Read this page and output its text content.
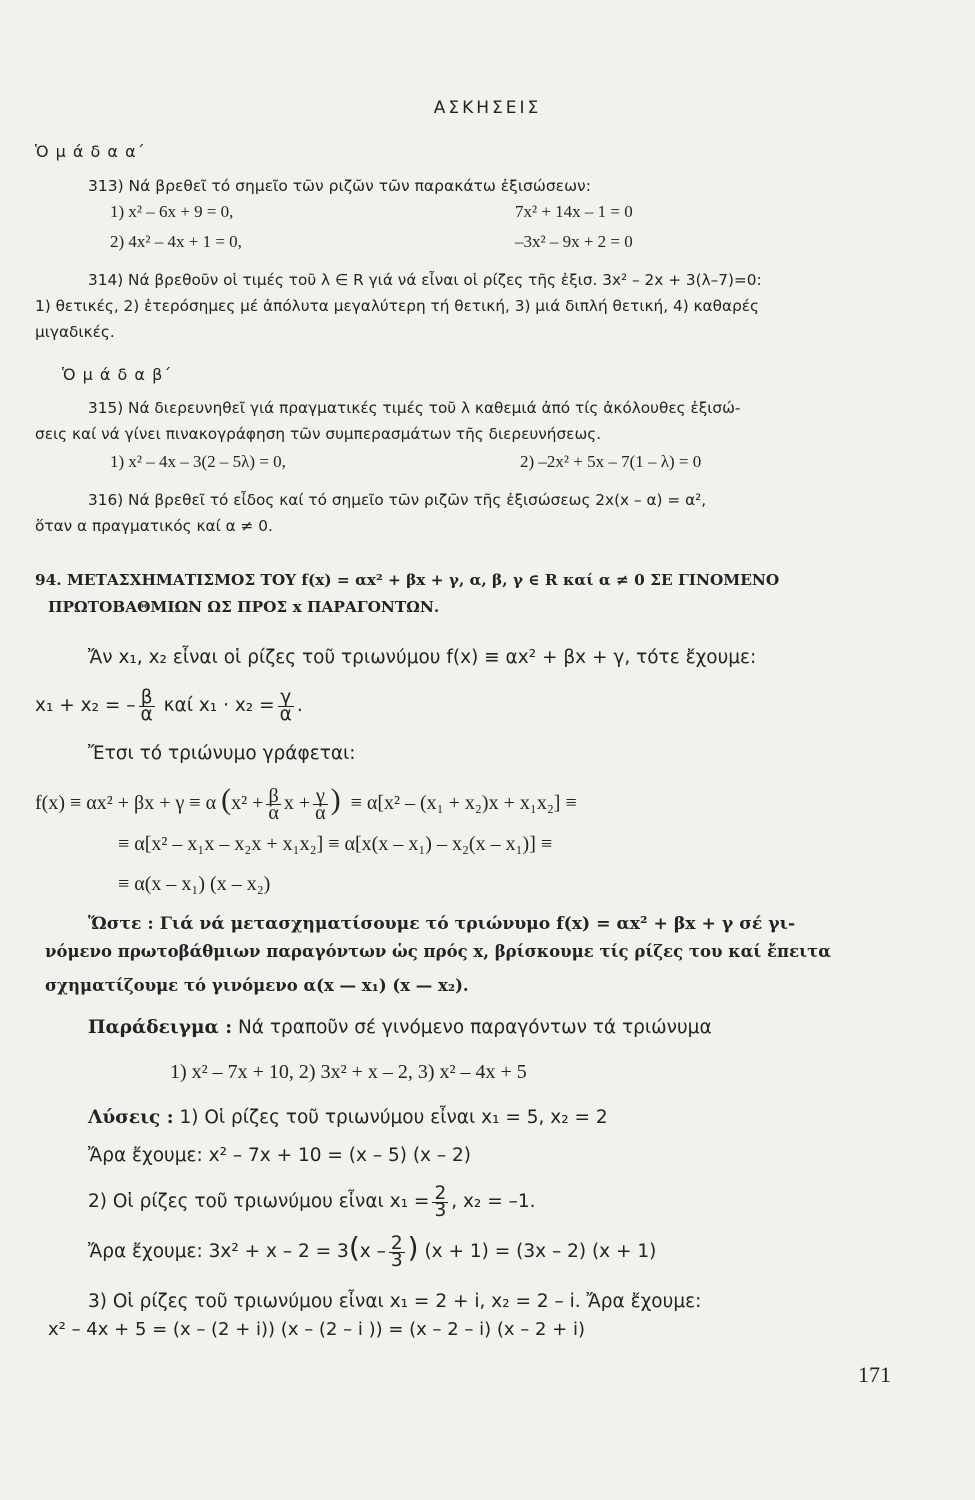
ΑΣΚΗΣΕΙΣ
Ὁ μ ά δ α α΄
313) Νά βρεθεῖ τό σημεῖο τῶν ριζῶν τῶν παρακάτω ἐξισώσεων:
1) x² – 6x + 9 = 0,	7x² + 14x – 1 = 0
2) 4x² – 4x + 1 = 0,	–3x² – 9x + 2 = 0
314) Νά βρεθοῦν οἱ τιμές τοῦ λ ∈ R γιά νά εἶναι οἱ ρίζες τῆς ἐξισ. 3x² – 2x + 3(λ–7)=0:
1) θετικές, 2) ἑτερόσημες μέ ἀπόλυτα μεγαλύτερη τή θετική, 3) μιά διπλή θετική, 4) καθαρές
μιγαδικές.
Ὁ μ ά δ α β΄
315) Νά διερευνηθεῖ γιά πραγματικές τιμές τοῦ λ καθεμιά ἀπό τίς ἀκόλουθες ἐξισώ-
σεις καί νά γίνει πινακογράφηση τῶν συμπερασμάτων τῆς διερευνήσεως.
1) x² – 4x – 3(2 – 5λ) = 0,	2) –2x² + 5x – 7(1 – λ) = 0
316) Νά βρεθεῖ τό εἶδος καί τό σημεῖο τῶν ριζῶν τῆς ἐξισώσεως 2x(x – α) = α²,
ὅταν α πραγματικός καί α ≠ 0.
94. ΜΕΤΑΣΧΗΜΑΤΙΣΜΟΣ ΤΟΥ f(x) = αx² + βx + γ, α, β, γ ∈ R καί α ≠ 0 ΣΕ ΓΙΝΟΜΕΝΟ
ΠΡΩΤΟΒΑΘΜΙΩΝ ΩΣ ΠΡΟΣ x ΠΑΡΑΓΟΝΤΩΝ.
Ἄν x₁, x₂ εἶναι οἱ ρίζες τοῦ τριωνύμου f(x) ≡ αx² + βx + γ, τότε ἔχουμε:
x₁ + x₂ = – $\frac{\beta}{\alpha}$ καί $x_1 \cdot x_2 = \frac{\gamma}{\alpha}$ .
Ἔτσι τό τριώνυμο γράφεται:
f(x) ≡ αx² + βx + γ ≡ α ($x^2 + \frac{\beta}{\alpha}$ $x + \frac{\gamma}{\alpha}$ ) ≡ α[x² – (x₁ + x₂)x + x₁x₂] ≡
≡ α[x² – x₁x – x₂x + x₁x₂] ≡ α[x(x – x₁) – x₂(x – x₁)] ≡
≡ α(x – x₁) (x – x₂)
Ὥστε : Γιά νά μετασχηματίσουμε τό τριώνυμο f(x) = αx² + βx + γ σέ γι-
νόμενο πρωτοβάθμιων παραγόντων ὡς πρός x, βρίσκουμε τίς ρίζες του καί ἔπειτα
σχηματίζουμε τό γινόμενο α(x — x₁) (x — x₂).
Παράδειγμα : Νά τραποῦν σέ γινόμενο παραγόντων τά τριώνυμα
1) x² – 7x + 10, 2) 3x² + x – 2, 3) x² – 4x + 5
Λύσεις : 1) Οἱ ρίζες τοῦ τριωνύμου εἶναι x₁ = 5, x₂ = 2
Ἄρα ἔχουμε: x² – 7x + 10 = (x – 5) (x – 2)
2) Οἱ ρίζες τοῦ τριωνύμου εἶναι $x_1 = \frac{2}{3}$ , x₂ = –1.
Ἄρα ἔχουμε: $3x^2 + x - 2 = 3(x - \frac{2}{3}$ ) (x + 1) = (3x – 2) (x + 1)
3) Οἱ ρίζες τοῦ τριωνύμου εἶναι x₁ = 2 + i, x₂ = 2 – i. Ἄρα ἔχουμε:
x² – 4x + 5 = (x – (2 + i)) (x – (2 – i )) = (x – 2 – i) (x – 2 + i)
171
